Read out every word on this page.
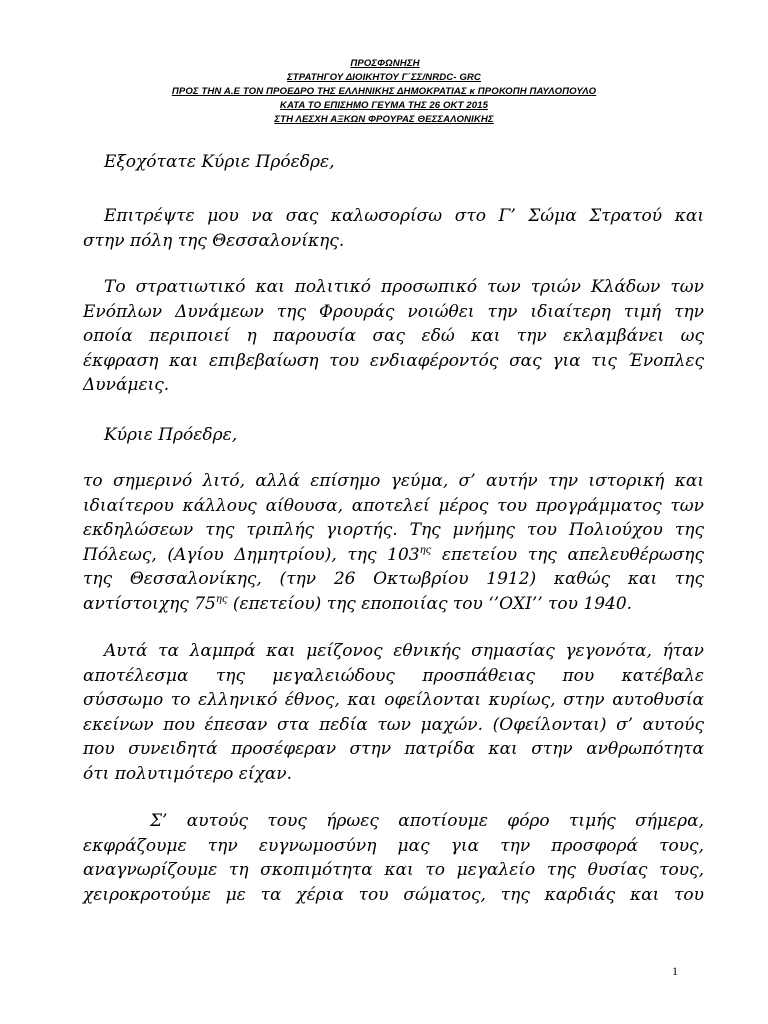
ΠΡΟΣΦΩΝΗΣΗ
ΣΤΡΑΤΗΓΟΥ ΔΙΟΙΚΗΤΟΥ Γ΄ΣΣ/NRDC- GRC
ΠΡΟΣ ΤΗΝ Α.Ε ΤΟΝ ΠΡΟΕΔΡΟ ΤΗΣ ΕΛΛΗΝΙΚΗΣ ΔΗΜΟΚΡΑΤΙΑΣ κ ΠΡΟΚΟΠΗ ΠΑΥΛΟΠΟΥΛΟ
ΚΑΤΑ ΤΟ ΕΠΙΣΗΜΟ ΓΕΥΜΑ ΤΗΣ 26 ΟΚΤ 2015
ΣΤΗ ΛΕΣΧΗ ΑΞΚΩΝ ΦΡΟΥΡΑΣ ΘΕΣΣΑΛΟΝΙΚΗΣ
Εξοχότατε Κύριε Πρόεδρε,
Επιτρέψτε μου να σας καλωσορίσω στο Γ’ Σώμα Στρατού και
στην πόλη της Θεσσαλονίκης.
Το στρατιωτικό και πολιτικό προσωπικό των τριών Κλάδων των
Ενόπλων Δυνάμεων της Φρουράς νοιώθει την ιδιαίτερη τιμή την
οποία περιποιεί η παρουσία σας εδώ και την εκλαμβάνει ως
έκφραση και επιβεβαίωση του ενδιαφέροντός σας για τις Ένοπλες
Δυνάμεις.
Κύριε Πρόεδρε,
το σημερινό λιτό, αλλά επίσημο γεύμα, σ’ αυτήν την ιστορική και
ιδιαίτερου κάλλους αίθουσα, αποτελεί μέρος του προγράμματος των
εκδηλώσεων της τριπλής γιορτής. Της μνήμης του Πολιούχου της
Πόλεως, (Αγίου Δημητρίου), της $103^{\eta\varsigma}$ επετείου της απελευθέρωσης
της Θεσσαλονίκης, (την 26 Οκτωβρίου 1912) καθώς και της
αντίστοιχης $75^{\eta\varsigma}$ (επετείου) της εποποιίας του ‘’ΟΧΙ’’ του 1940.
Αυτά τα λαμπρά και μείζονος εθνικής σημασίας γεγονότα, ήταν
αποτέλεσμα της μεγαλειώδους προσπάθειας που κατέβαλε
σύσσωμο το ελληνικό έθνος, και οφείλονται κυρίως, στην αυτοθυσία
εκείνων που έπεσαν στα πεδία των μαχών. (Οφείλονται) σ’ αυτούς
που συνειδητά προσέφεραν στην πατρίδα και στην ανθρωπότητα
ότι πολυτιμότερο είχαν.
Σ’ αυτούς τους ήρωες αποτίουμε φόρο τιμής σήμερα,
εκφράζουμε την ευγνωμοσύνη μας για την προσφορά τους,
αναγνωρίζουμε τη σκοπιμότητα και το μεγαλείο της θυσίας τους,
χειροκροτούμε με τα χέρια του σώματος, της καρδιάς και του
1
